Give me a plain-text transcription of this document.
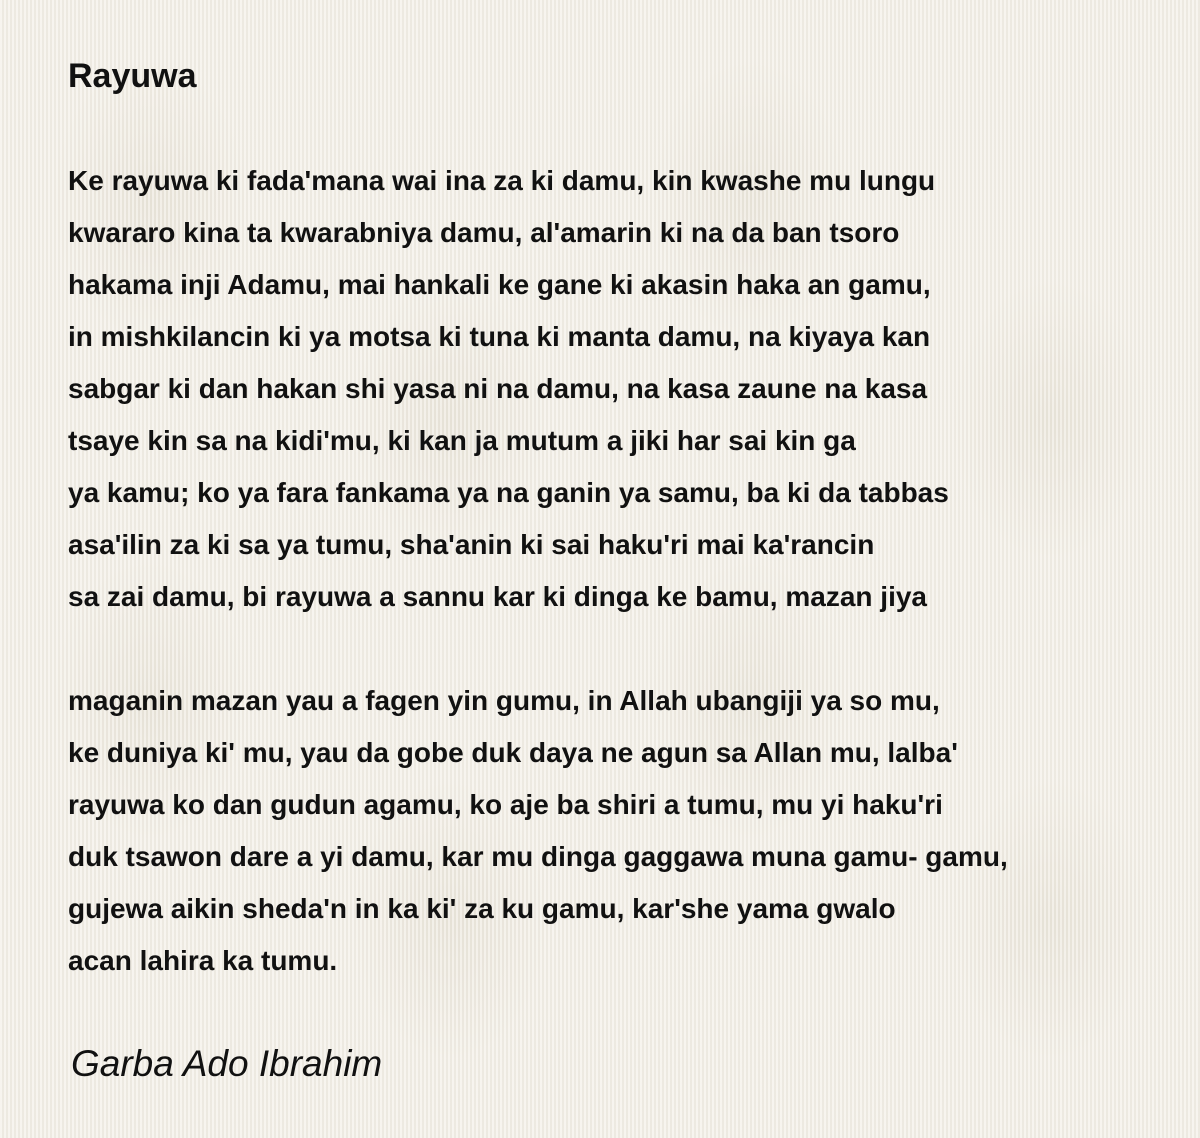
Rayuwa
Ke rayuwa ki fada'mana wai ina za ki damu, kin kwashe mu lungu
kwararo kina ta kwarabniya damu, al'amarin ki na da ban tsoro
hakama inji Adamu, mai hankali ke gane ki akasin haka an gamu,
in mishkilancin ki ya motsa ki tuna ki manta damu, na kiyaya kan
sabgar ki dan hakan shi yasa ni na damu, na kasa zaune na kasa
tsaye kin sa na kidi'mu, ki kan ja mutum a jiki har sai kin ga
ya kamu; ko ya fara fankama ya na ganin ya samu, ba ki da tabbas
asa'ilin za ki sa ya tumu, sha'anin ki sai haku'ri mai ka'rancin
sa zai damu, bi rayuwa a sannu kar ki dinga ke bamu, mazan jiya
maganin mazan yau a fagen yin gumu, in Allah ubangiji ya so mu,
ke duniya ki' mu, yau da gobe duk daya ne agun sa Allan mu, lalba'
rayuwa ko dan gudun agamu, ko aje ba shiri a tumu, mu yi haku'ri
duk tsawon dare a yi damu, kar mu dinga gaggawa muna gamu- gamu,
gujewa aikin sheda'n in ka ki' za ku gamu, kar'she yama gwalo
acan lahira ka tumu.

Garba Ado Ibrahim
